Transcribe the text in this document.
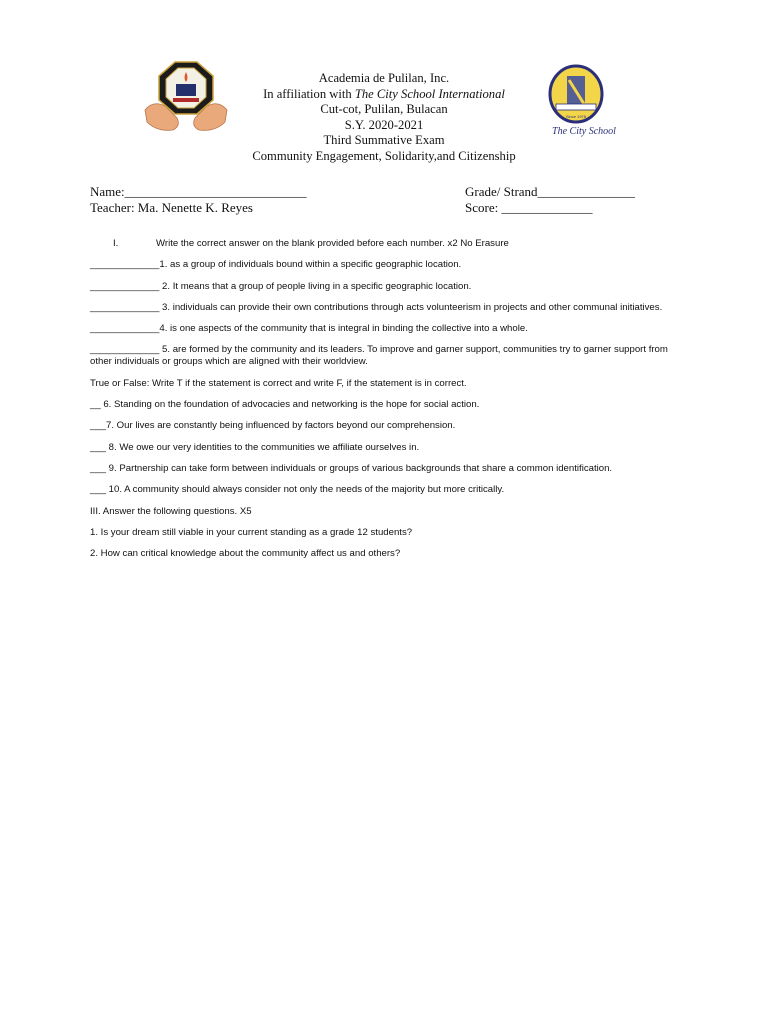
Academia de Pulilan, Inc.
In affiliation with The City School International
Cut-cot, Pulilan, Bulacan
S.Y. 2020-2021
Third Summative Exam
Community Engagement, Solidarity,and Citizenship
Since 1978
The City School
Name:____________________________
Teacher: Ma. Nenette K. Reyes
Grade/ Strand_______________
Score: ______________
I.	Write the correct answer on the blank provided before each number. x2 No Erasure
_____________1. as a group of individuals bound within a specific geographic location.
_____________ 2. It means that a group of people living in a specific geographic location.
_____________ 3. individuals can provide their own contributions through acts volunteerism in projects and other communal initiatives.
_____________4. is one aspects of the community that is integral in binding the collective into a whole.
_____________ 5. are formed by the community and its leaders. To improve and garner support, communities try to garner support from other individuals or groups which are aligned with their worldview.
True or False: Write T if the statement is correct and write F, if the statement is in correct.
__ 6. Standing on the foundation of advocacies and networking is the hope for social action.
___7. Our lives are constantly being influenced by factors beyond our comprehension.
___ 8. We owe our very identities to the communities we affiliate ourselves in.
___ 9. Partnership can take form between individuals or groups of various backgrounds that share a common identification.
___ 10. A community should always consider not only the needs of the majority but more critically.
III. Answer the following questions. X5
1. Is your dream still viable in your current standing as a grade 12 students?
2. How can critical knowledge about the community affect us and others?
